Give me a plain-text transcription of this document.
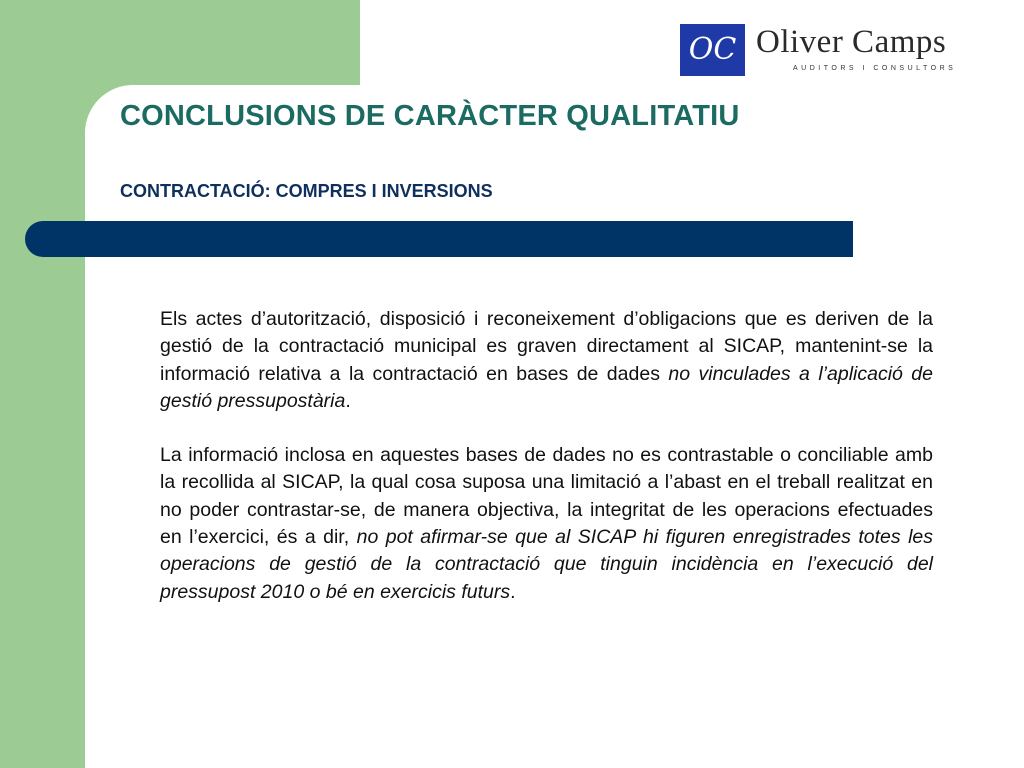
OC Oliver Camps
AUDITORS I CONSULTORS
CONCLUSIONS DE CARÀCTER QUALITATIU
CONTRACTACIÓ: COMPRES I INVERSIONS

Els actes d’autorització, disposició i reconeixement d’obligacions que es deriven de la gestió de la contractació municipal es graven directament al SICAP, mantenint-se la informació relativa a la contractació en bases de dades no vinculades a l’aplicació de gestió pressupostària.

La informació inclosa en aquestes bases de dades no es contrastable o conciliable amb la recollida al SICAP, la qual cosa suposa una limitació a l’abast en el treball realitzat en no poder contrastar-se, de manera objectiva, la integritat de les operacions efectuades en l’exercici, és a dir, no pot afirmar-se que al SICAP hi figuren enregistrades totes les operacions de gestió de la contractació que tinguin incidència en l’execució del pressupost 2010 o bé en exercicis futurs.
